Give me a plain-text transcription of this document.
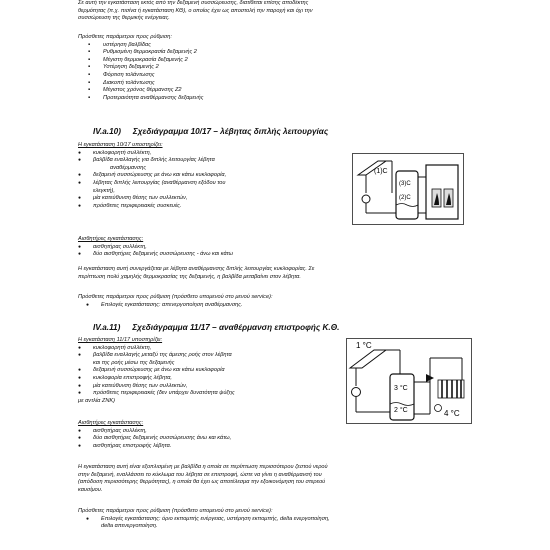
Σε αυτή την εγκατάσταση εκτός από την δεξαμενή συσσώρευσης, διατίθεται επίσης αποδέκτης

θερμότητας (π.χ. πισίνα ή εγκατάσταση ΚΘ), ο οποίος έχει ως αποστολή την παροχή και όχι την

συσσώρευση της θερμικής ενέργειας.

Πρόσθετες παράμετροι προς ρύθμιση:

▪ υστέρηση βαλβίδας
▪ Ρυθμισμένη θερμοκρασία δεξαμενής 2
▪ Μέγιστη θερμοκρασία δεξαμενής 2
▪ Υστέρηση δεξαμενής 2
▪ Φόρτιση τολάντωσης
▪ Διακοπή τολάντωσης
▪ Μέγιστος χρόνος θέρμανσης Ζ2
▪ Προτεραιότητα αναθέρμανσης δεξαμενής
IV.a.10) Σχεδιάγραμμα 10/17 – λέβητας διπλής λειτουργίας

Η εγκατάσταση 10/17 υποστηρίζει:

● κυκλοφορητή συλλέκτη,
● βαλβίδα εναλλαγής για διπλής λειτουργίας λέβητα
αναθέρμανσης
● δεξαμενή συσσώρευσης με άνω και κάτω κυκλοφορία,
● λέβητας διπλής λειτουργίας (αναθέρμανση εξόδου του
ελεγκτή),
● μία κατεύθυνση θέσης των συλλεκτών,
● πρόσθετες περιφερειακές συσκευές.
(1)C
(3)C
(2)C

Αισθητήρες εγκατάστασης:

● αισθητήρας συλλέκτη,
● δύο αισθητήρες δεξαμενής συσσώρευσης - άνω και κάτω

Η εγκατάσταση αυτή συνεργάζεται με λέβητα αναθέρμανσης διπλής λειτουργίας κυκλοφορίας. Σε

περίπτωση πολύ χαμηλής θερμοκρασίας της δεξαμενής, η βαλβίδα μεταβαίνει στον λέβητα.

Πρόσθετες παράμετροι προς ρύθμιση (πρόσθετο υπομενού στο μενού service):

● Επιλογές εγκατάστασης: απενεργοποίηση αναθέρμανσης.
IV.a.11) Σχεδιάγραμμα 11/17 – αναθέρμανση επιστροφής Κ.Θ.

Η εγκατάσταση 11/17 υποστηρίζει:

● κυκλοφορητή συλλέκτη,
● βαλβίδα εναλλαγής μεταξύ της άμεσης ροής στον λέβητα
και της ροής μέσω της δεξαμενής
● δεξαμενή συσσώρευσης με άνω και κάτω κυκλοφορία
● κυκλοφορία επιστροφής λέβητα,
● μία κατεύθυνση θέσης των συλλεκτών,
● πρόσθετες περιφερειακές (δεν υπάρχει δυνατότητα ψύξης
με αντλία ZNK)
1 °C
3 °C
2 °C	4 °C

Αισθητήρες εγκατάστασης:

● αισθητήρας συλλέκτη,
● δύο αισθητήρες δεξαμενής συσσώρευσης άνω και κάτω,
● αισθητήρας επιστροφής λέβητα.

Η εγκατάσταση αυτή είναι εξοπλισμένη με βαλβίδα η οποία σε περίπτωση περισσότερου ζεστού νερού

στην δεξαμενή, εναλλάσσει το κύκλωμα του λέβητα σε επιστροφή, ώστε να γίνει η αναθέρμανσή του

(απόδοση περισσότερης θερμότητας), η οποία θα έχει ως αποτέλεσμα την εξοικονόμηση του στερεού

καυσίμου.

Πρόσθετες παράμετροι προς ρύθμιση (πρόσθετο υπομενού στο μενού service):

● Επιλογές εγκατάστασης: όριο εκπομπής ενέργειας, υστέρηση εκπομπής, delta ενεργοποίηση,
delta απενεργοποίηση.
